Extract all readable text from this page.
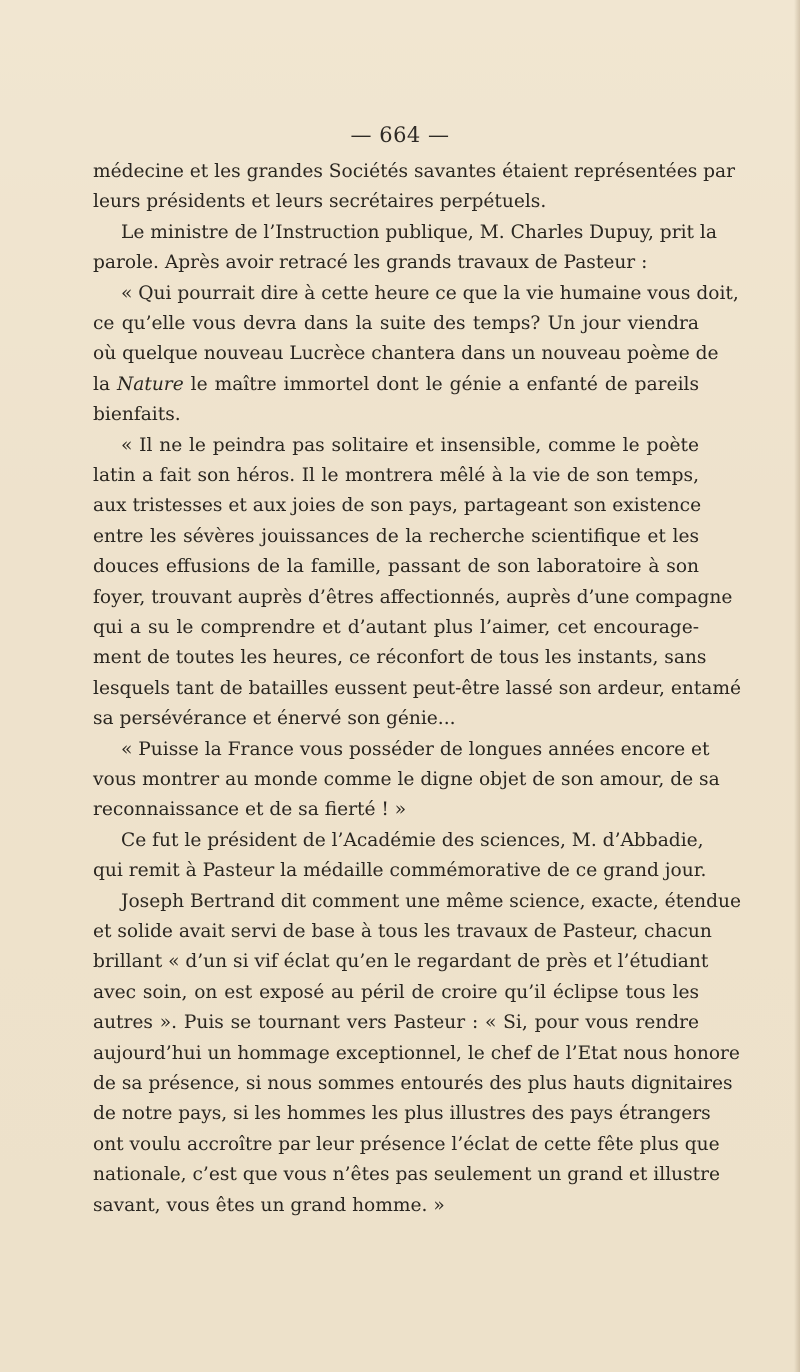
— 664 —
médecine et les grandes Sociétés savantes étaient représentées par
leurs présidents et leurs secrétaires perpétuels.
Le ministre de l’Instruction publique, M. Charles Dupuy, prit la
parole. Après avoir retracé les grands travaux de Pasteur :
« Qui pourrait dire à cette heure ce que la vie humaine vous doit,
ce qu’elle vous devra dans la suite des temps? Un jour viendra
où quelque nouveau Lucrèce chantera dans un nouveau poème de
la Nature le maître immortel dont le génie a enfanté de pareils
bienfaits.
« Il ne le peindra pas solitaire et insensible, comme le poète
latin a fait son héros. Il le montrera mêlé à la vie de son temps,
aux tristesses et aux joies de son pays, partageant son existence
entre les sévères jouissances de la recherche scientifique et les
douces effusions de la famille, passant de son laboratoire à son
foyer, trouvant auprès d’êtres affectionnés, auprès d’une compagne
qui a su le comprendre et d’autant plus l’aimer, cet encourage-
ment de toutes les heures, ce réconfort de tous les instants, sans
lesquels tant de batailles eussent peut-être lassé son ardeur, entamé
sa persévérance et énervé son génie...
« Puisse la France vous posséder de longues années encore et
vous montrer au monde comme le digne objet de son amour, de sa
reconnaissance et de sa fierté ! »
Ce fut le président de l’Académie des sciences, M. d’Abbadie,
qui remit à Pasteur la médaille commémorative de ce grand jour.
Joseph Bertrand dit comment une même science, exacte, étendue
et solide avait servi de base à tous les travaux de Pasteur, chacun
brillant « d’un si vif éclat qu’en le regardant de près et l’étudiant
avec soin, on est exposé au péril de croire qu’il éclipse tous les
autres ». Puis se tournant vers Pasteur : « Si, pour vous rendre
aujourd’hui un hommage exceptionnel, le chef de l’Etat nous honore
de sa présence, si nous sommes entourés des plus hauts dignitaires
de notre pays, si les hommes les plus illustres des pays étrangers
ont voulu accroître par leur présence l’éclat de cette fête plus que
nationale, c’est que vous n’êtes pas seulement un grand et illustre
savant, vous êtes un grand homme. »
